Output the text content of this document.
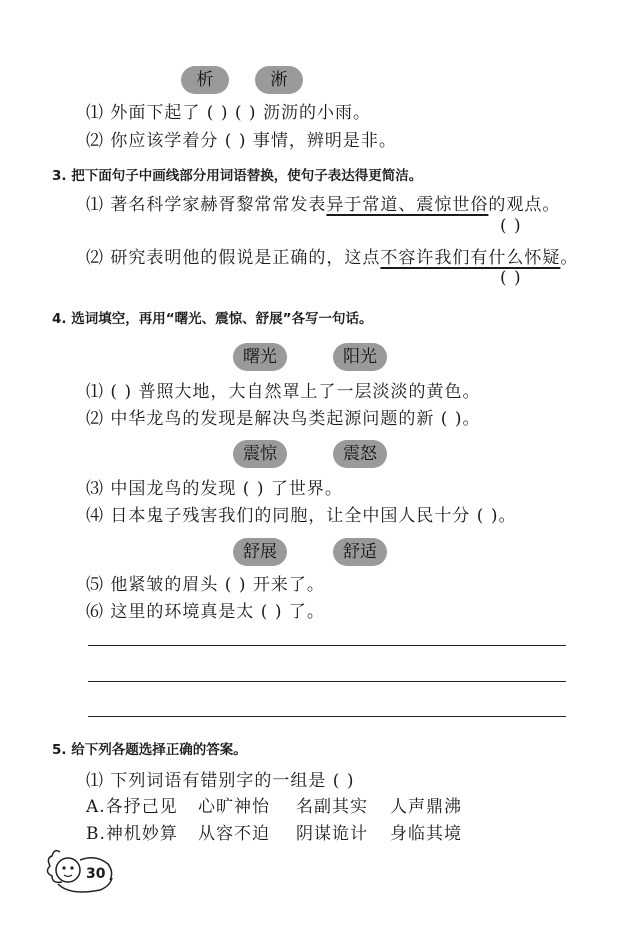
析	淅
⑴ 外面下起了 ( ) ( ) 沥沥的小雨。
⑵ 你应该学着分 ( ) 事情，辨明是非。
3. 把下面句子中画线部分用词语替换，使句子表达得更简洁。
⑴ 著名科学家赫胥黎常常发表异于常道、震惊世俗的观点。
( )
⑵ 研究表明他的假说是正确的，这点不容许我们有什么怀疑。
( )
4. 选词填空，再用“曙光、震惊、舒展”各写一句话。
曙光	阳光
⑴ ( ) 普照大地，大自然罩上了一层淡淡的黄色。
⑵ 中华龙鸟的发现是解决鸟类起源问题的新 ( )。
震惊	震怒
⑶ 中国龙鸟的发现 ( ) 了世界。
⑷ 日本鬼子残害我们的同胞，让全中国人民十分 ( )。
舒展	舒适
⑸ 他紧皱的眉头 ( ) 开来了。
⑹ 这里的环境真是太 ( ) 了。
5. 给下列各题选择正确的答案。
⑴ 下列词语有错别字的一组是 ( )
A.各抒己见 心旷神怡 名副其实 人声鼎沸
B.神机妙算 从容不迫 阴谋诡计 身临其境
30
